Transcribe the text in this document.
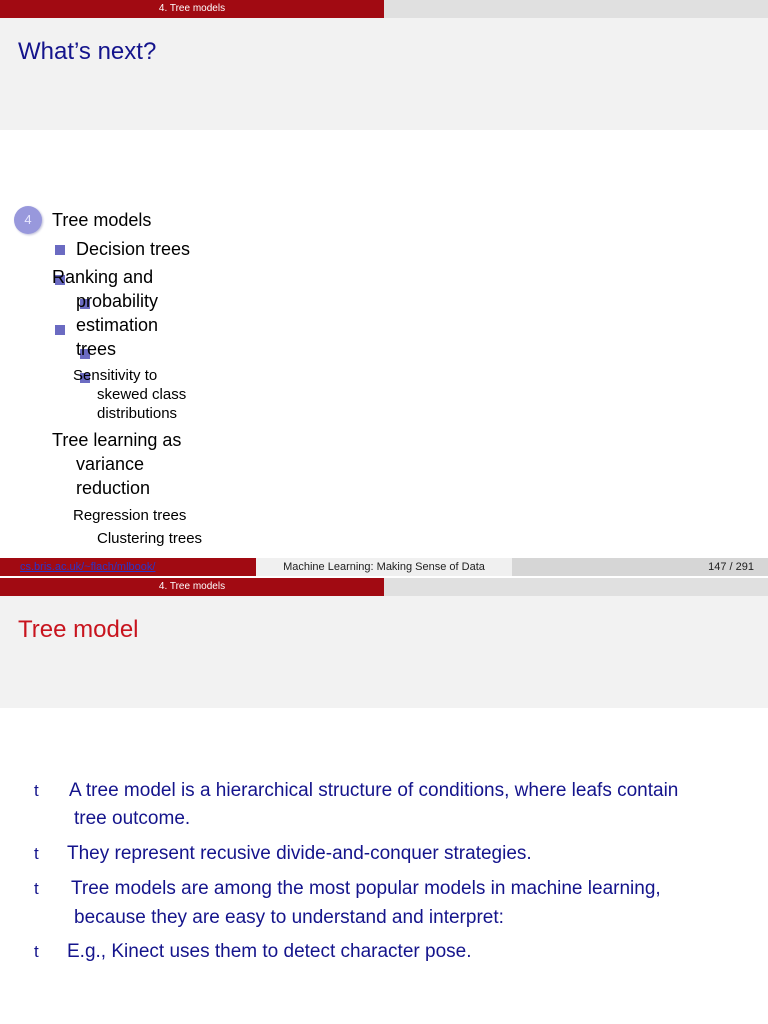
4. Tree models
What’s next?
4	Tree models
Decision trees
Ranking and
probability
estimation
trees
Sensitivity to
skewed class
distributions
Tree learning as
variance
reduction
Regression trees
Clustering trees
cs.bris.ac.uk/~flach/mlbook/	Machine Learning: Making Sense of Data	147 / 291
4. Tree models
Tree model
t A tree model is a hierarchical structure of conditions, where leafs contain
tree outcome.
t They represent recusive divide-and-conquer strategies.
t Tree models are among the most popular models in machine learning,
because they are easy to understand and interpret:
t E.g., Kinect uses them to detect character pose.
